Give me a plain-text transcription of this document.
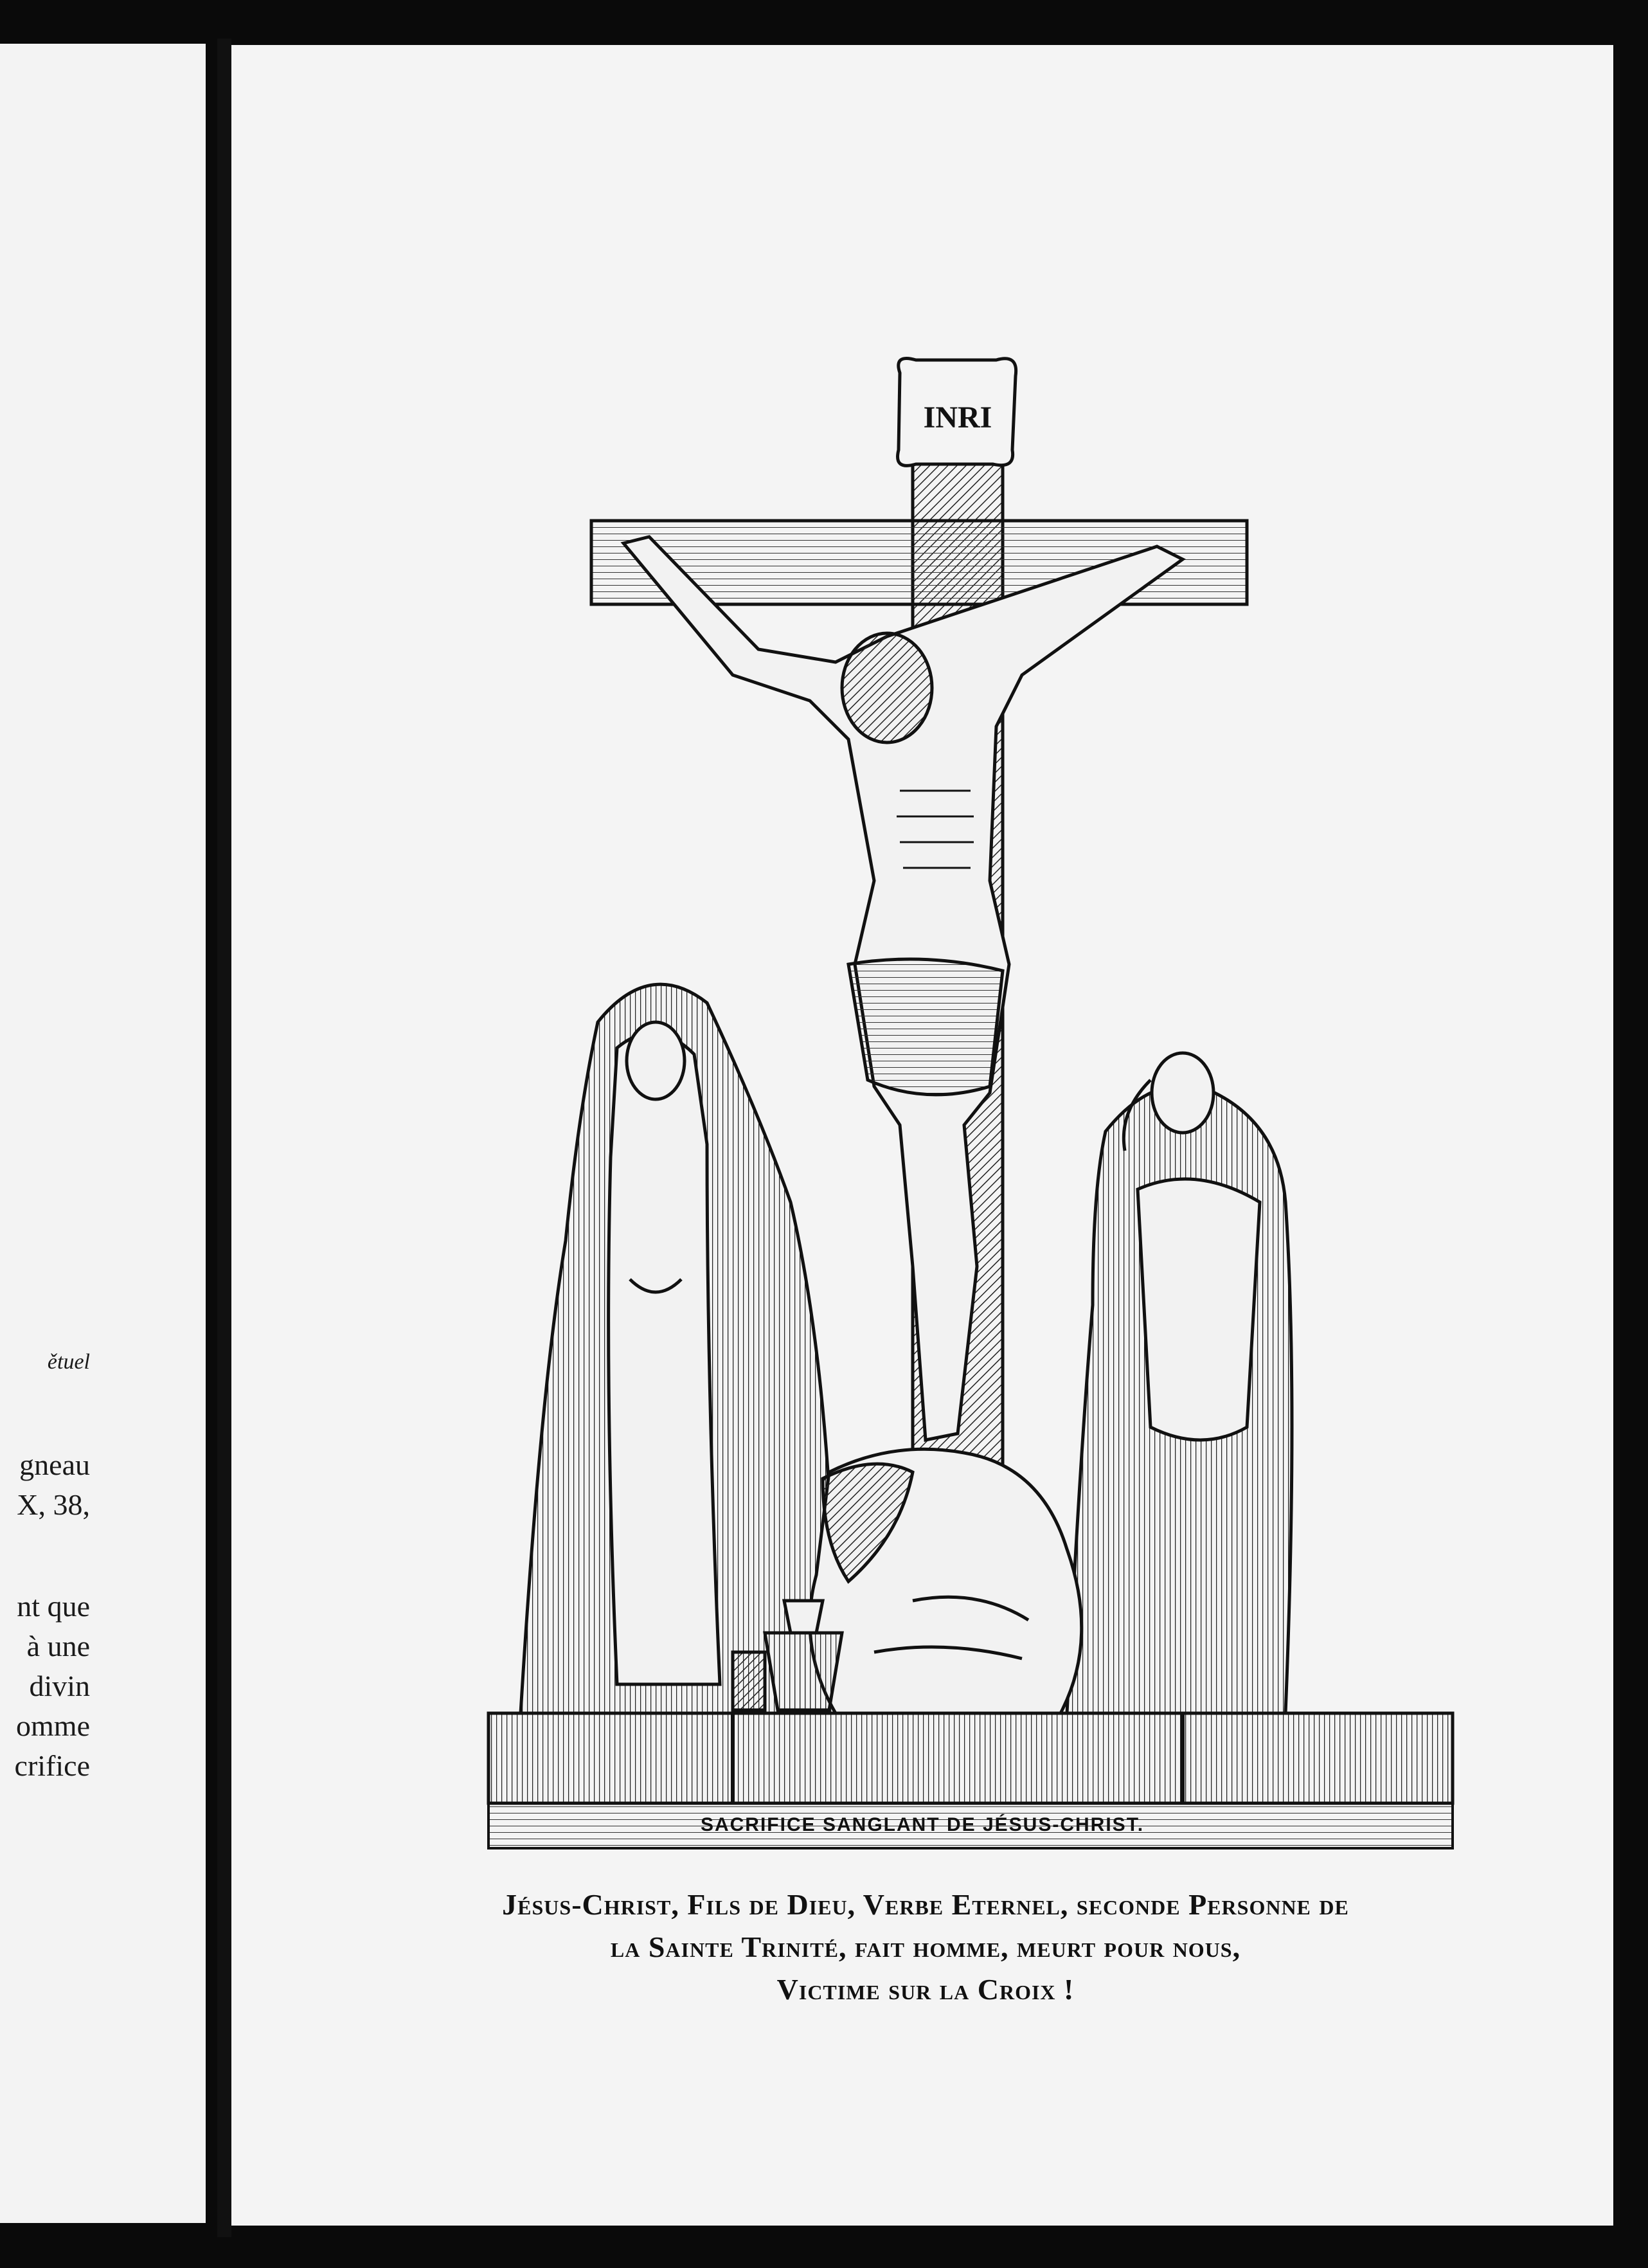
ětuel
gneau
X, 38,
nt que
à une
divin
omme
crifice
INRI
SACRIFICE SANGLANT DE JÉSUS-CHRIST.
Jésus-Christ, Fils de Dieu, Verbe Eternel, seconde Personne de
la Sainte Trinité, fait homme, meurt pour nous,
Victime sur la Croix !
